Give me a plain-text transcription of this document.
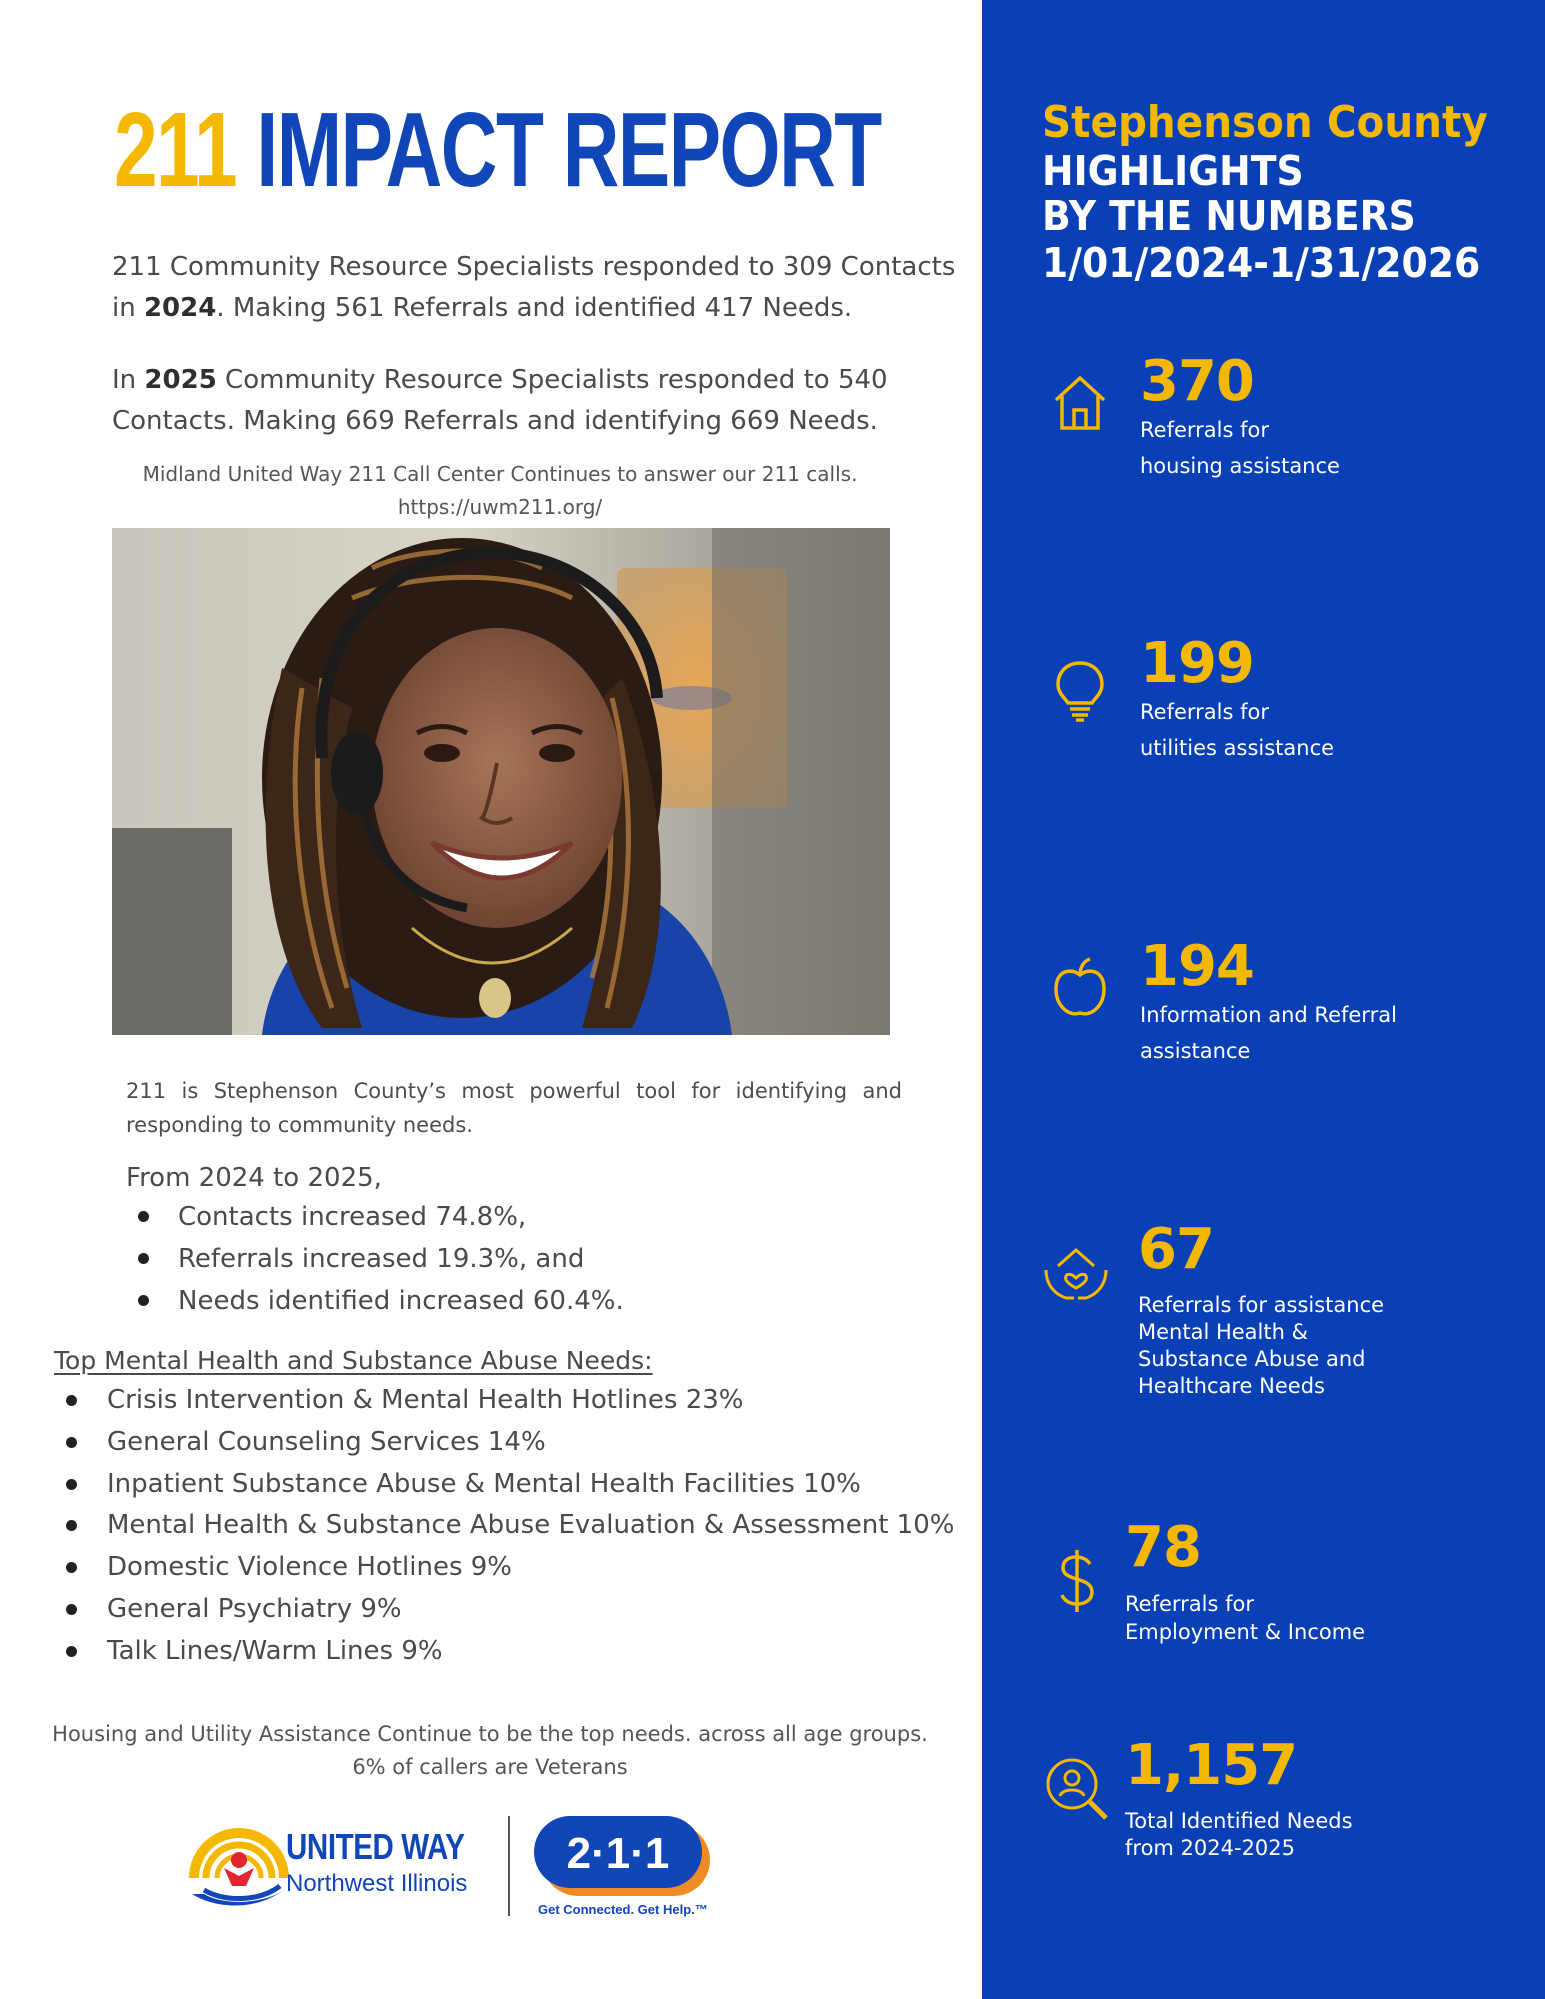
211 IMPACT REPORT

211 Community Resource Specialists responded to 309 Contacts in 2024. Making 561 Referrals and identified 417 Needs.

In 2025 Community Resource Specialists responded to 540 Contacts. Making 669 Referrals and identifying 669 Needs.

Midland United Way 211 Call Center Continues to answer our 211 calls.
https://uwm211.org/

211 is Stephenson County’s most powerful tool for identifying and responding to community needs.

From 2024 to 2025,
Contacts increased 74.8%,
Referrals increased 19.3%, and
Needs identified increased 60.4%.
Top Mental Health and Substance Abuse Needs:
Crisis Intervention & Mental Health Hotlines 23%
General Counseling Services 14%
Inpatient Substance Abuse & Mental Health Facilities 10%
Mental Health & Substance Abuse Evaluation & Assessment 10%
Domestic Violence Hotlines 9%
General Psychiatry 9%
Talk Lines/Warm Lines 9%
Housing and Utility Assistance Continue to be the top needs. across all age groups.
6% of callers are Veterans
UNITED WAY
Northwest Illinois
2·1·1
Get Connected. Get Help.™
Stephenson County
HIGHLIGHTS
BY THE NUMBERS
1/01/2024-1/31/2026
370
Referrals for
housing assistance
199
Referrals for
utilities assistance
194
Information and Referral
assistance
67
Referrals for assistance
Mental Health &
Substance Abuse and
Healthcare Needs
78
Referrals for
Employment & Income
1,157
Total Identified Needs
from 2024-2025
